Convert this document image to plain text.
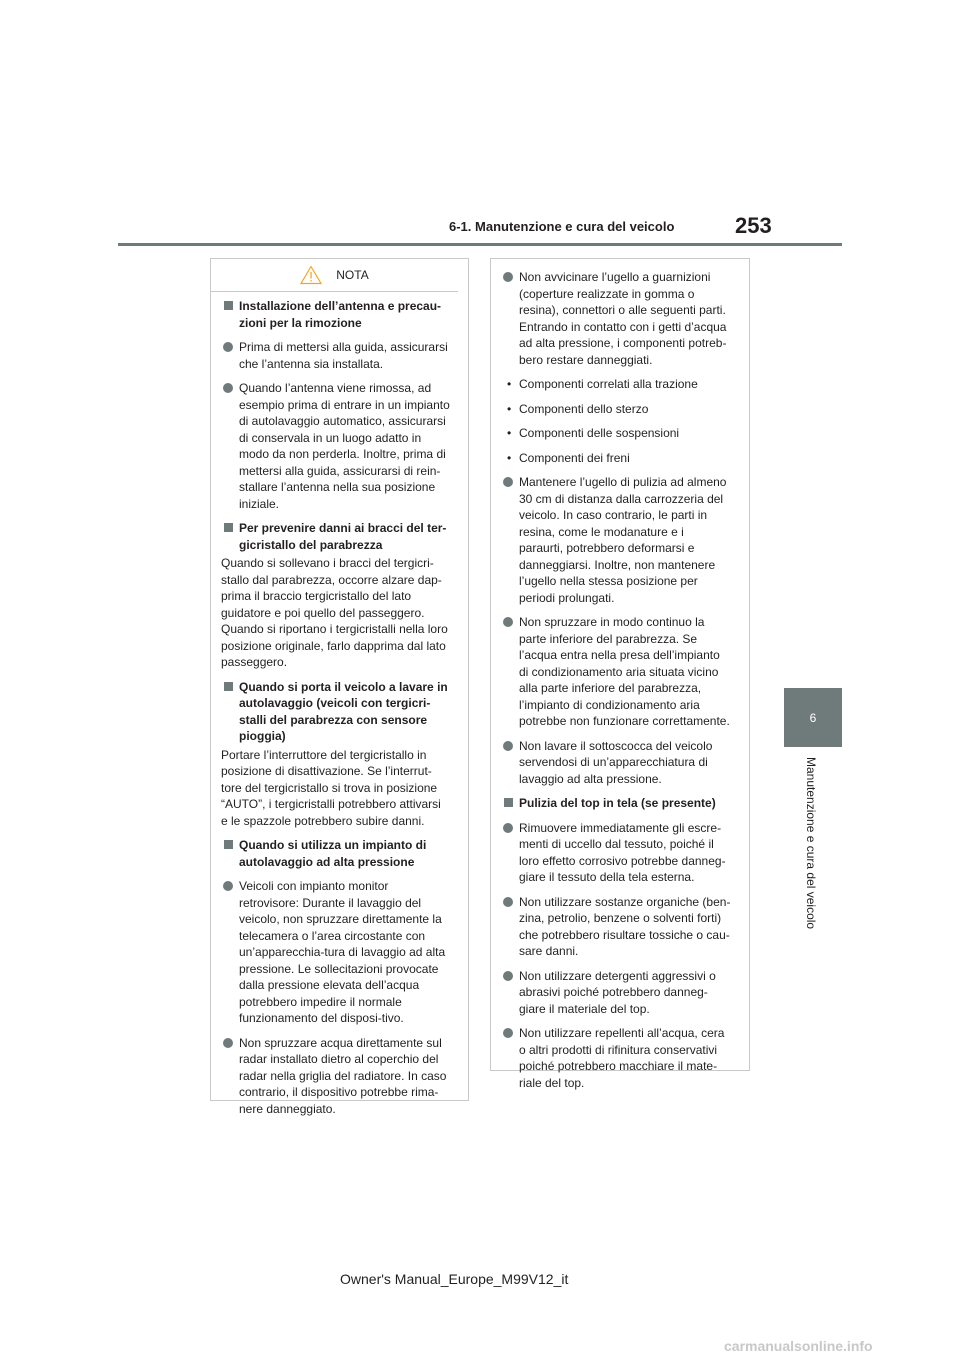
6-1. Manutenzione e cura del veicolo	253
6
Manutenzione e cura del veicolo
NOTA
Installazione dell’antenna e precau-zioni per la rimozione
Prima di mettersi alla guida, assicurarsi che l’antenna sia installata.
Quando l’antenna viene rimossa, ad esempio prima di entrare in un impianto di autolavaggio automatico, assicurarsi di conservala in un luogo adatto in modo da non perderla. Inoltre, prima di mettersi alla guida, assicurarsi di rein-stallare l’antenna nella sua posizione iniziale.
Per prevenire danni ai bracci del ter-gicristallo del parabrezza
Quando si sollevano i bracci del tergicri-stallo dal parabrezza, occorre alzare dap-prima il braccio tergicristallo del lato guidatore e poi quello del passeggero. Quando si riportano i tergicristalli nella loro posizione originale, farlo dapprima dal lato passeggero.
Quando si porta il veicolo a lavare in autolavaggio (veicoli con tergicri-stalli del parabrezza con sensore pioggia)
Portare l’interruttore del tergicristallo in posizione di disattivazione. Se l’interrut-tore del tergicristallo si trova in posizione “AUTO”, i tergicristalli potrebbero attivarsi e le spazzole potrebbero subire danni.
Quando si utilizza un impianto di autolavaggio ad alta pressione
Veicoli con impianto monitor retrovisore: Durante il lavaggio del veicolo, non spruzzare direttamente la telecamera o l’area circostante con un’apparecchia-tura di lavaggio ad alta pressione. Le sollecitazioni provocate dalla pressione elevata dell’acqua potrebbero impedire il normale funzionamento del disposi-tivo.
Non spruzzare acqua direttamente sul radar installato dietro al coperchio del radar nella griglia del radiatore. In caso contrario, il dispositivo potrebbe rima-nere danneggiato.
Non avvicinare l’ugello a guarnizioni (coperture realizzate in gomma o resina), connettori o alle seguenti parti. Entrando in contatto con i getti d’acqua ad alta pressione, i componenti potreb-bero restare danneggiati.
• Componenti correlati alla trazione
• Componenti dello sterzo
• Componenti delle sospensioni
• Componenti dei freni
Mantenere l’ugello di pulizia ad almeno 30 cm di distanza dalla carrozzeria del veicolo. In caso contrario, le parti in resina, come le modanature e i paraurti, potrebbero deformarsi e danneggiarsi. Inoltre, non mantenere l’ugello nella stessa posizione per periodi prolungati.
Non spruzzare in modo continuo la parte inferiore del parabrezza. Se l’acqua entra nella presa dell’impianto di condizionamento aria situata vicino alla parte inferiore del parabrezza, l’impianto di condizionamento aria potrebbe non funzionare correttamente.
Non lavare il sottoscocca del veicolo servendosi di un’apparecchiatura di lavaggio ad alta pressione.
Pulizia del top in tela (se presente)
Rimuovere immediatamente gli escre-menti di uccello dal tessuto, poiché il loro effetto corrosivo potrebbe danneg-giare il tessuto della tela esterna.
Non utilizzare sostanze organiche (ben-zina, petrolio, benzene o solventi forti) che potrebbero risultare tossiche o cau-sare danni.
Non utilizzare detergenti aggressivi o abrasivi poiché potrebbero danneg-giare il materiale del top.
Non utilizzare repellenti all’acqua, cera o altri prodotti di rifinitura conservativi poiché potrebbero macchiare il mate-riale del top.
Owner's Manual_Europe_M99V12_it
carmanualsonline.info
